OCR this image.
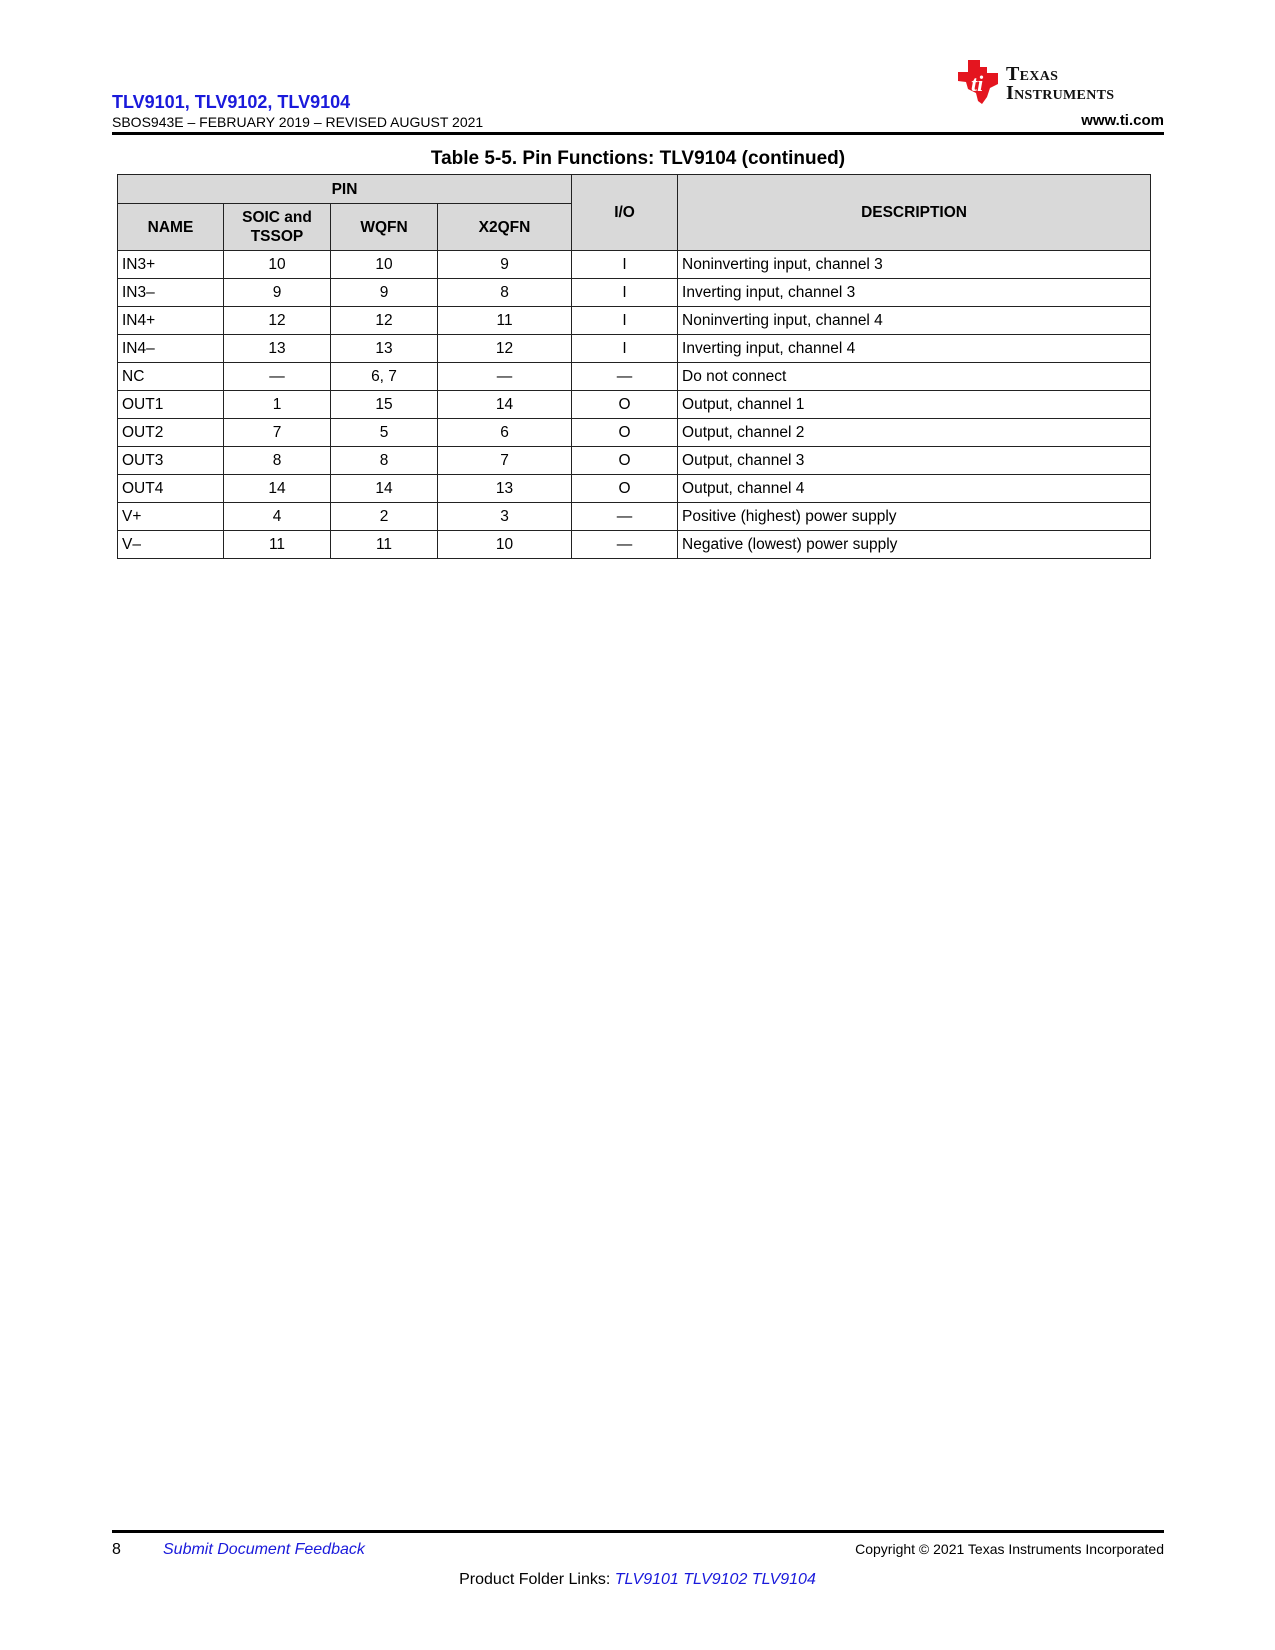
TLV9101, TLV9102, TLV9104
SBOS943E – FEBRUARY 2019 – REVISED AUGUST 2021
ti Texas
Instruments
www.ti.com
Table 5-5. Pin Functions: TLV9104 (continued)
PIN				I/O	DESCRIPTION
NAME	SOIC and TSSOP	WQFN	X2QFN		
IN3+	10	10	9	I	Noninverting input, channel 3
IN3–	9	9	8	I	Inverting input, channel 3
IN4+	12	12	11	I	Noninverting input, channel 4
IN4–	13	13	12	I	Inverting input, channel 4
NC	—	6, 7	—	—	Do not connect
OUT1	1	15	14	O	Output, channel 1
OUT2	7	5	6	O	Output, channel 2
OUT3	8	8	7	O	Output, channel 3
OUT4	14	14	13	O	Output, channel 4
V+	4	2	3	—	Positive (highest) power supply
V–	11	11	10	—	Negative (lowest) power supply
8	Submit Document Feedback	Copyright © 2021 Texas Instruments Incorporated
Product Folder Links: TLV9101 TLV9102 TLV9104
